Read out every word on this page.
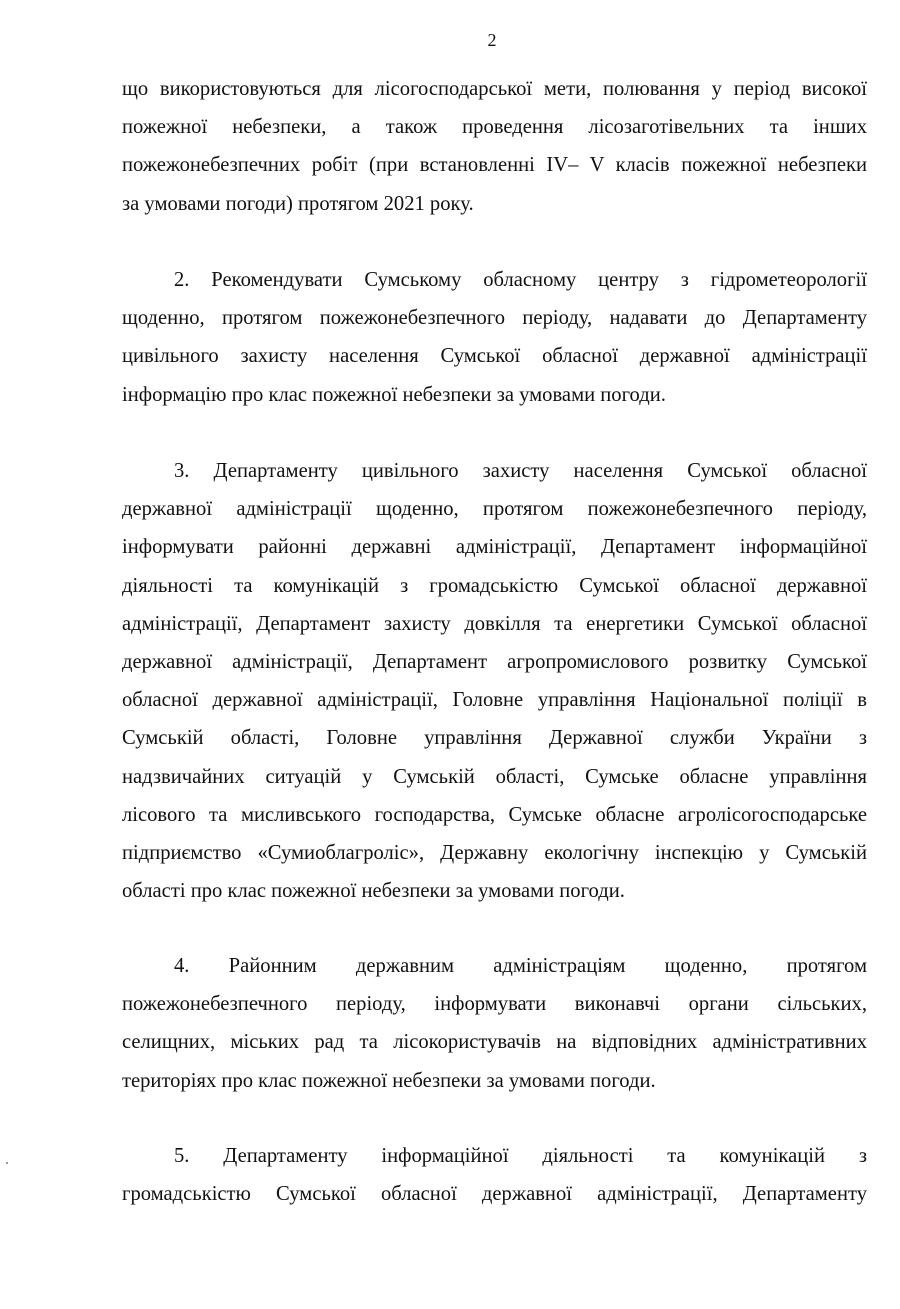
2
що використовуються для лісогосподарської мети, полювання у період високої
пожежної небезпеки, а також проведення лісозаготівельних та інших
пожежонебезпечних робіт (при встановленні IV– V класів пожежної небезпеки
за умовами погоди) протягом 2021 року.
2. Рекомендувати Сумському обласному центру з гідрометеорології
щоденно, протягом пожежонебезпечного періоду, надавати до Департаменту
цивільного захисту населення Сумської обласної державної адміністрації
інформацію про клас пожежної небезпеки за умовами погоди.
3. Департаменту цивільного захисту населення Сумської обласної
державної адміністрації щоденно, протягом пожежонебезпечного періоду,
інформувати районні державні адміністрації, Департамент інформаційної
діяльності та комунікацій з громадськістю Сумської обласної державної
адміністрації, Департамент захисту довкілля та енергетики Сумської обласної
державної адміністрації, Департамент агропромислового розвитку Сумської
обласної державної адміністрації, Головне управління Національної поліції в
Сумській області, Головне управління Державної служби України з
надзвичайних ситуацій у Сумській області, Сумське обласне управління
лісового та мисливського господарства, Сумське обласне агролісогосподарське
підприємство «Сумиоблагроліс», Державну екологічну інспекцію у Сумській
області про клас пожежної небезпеки за умовами погоди.
4. Районним державним адміністраціям щоденно, протягом
пожежонебезпечного періоду, інформувати виконавчі органи сільських,
селищних, міських рад та лісокористувачів на відповідних адміністративних
територіях про клас пожежної небезпеки за умовами погоди.
5. Департаменту інформаційної діяльності та комунікацій з
громадськістю Сумської обласної державної адміністрації, Департаменту
